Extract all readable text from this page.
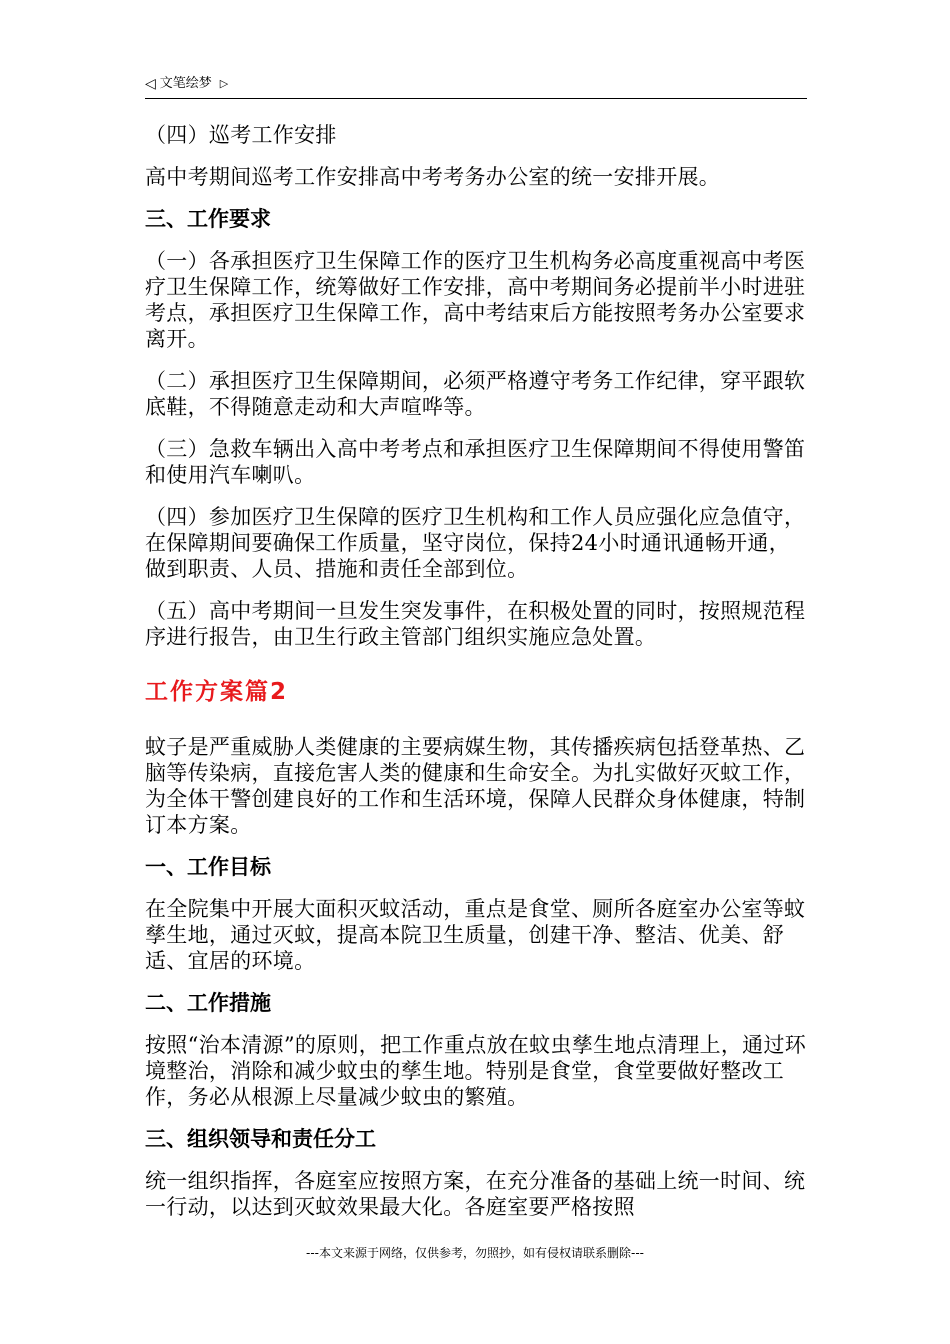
◁ 文笔绘梦 ▷
（四）巡考工作安排
高中考期间巡考工作安排高中考考务办公室的统一安排开展。
三、工作要求
（一）各承担医疗卫生保障工作的医疗卫生机构务必高度重视高中考医疗卫生保障工作，统筹做好工作安排，高中考期间务必提前半小时进驻考点，承担医疗卫生保障工作，高中考结束后方能按照考务办公室要求离开。
（二）承担医疗卫生保障期间，必须严格遵守考务工作纪律，穿平跟软底鞋，不得随意走动和大声喧哗等。
（三）急救车辆出入高中考考点和承担医疗卫生保障期间不得使用警笛和使用汽车喇叭。
（四）参加医疗卫生保障的医疗卫生机构和工作人员应强化应急值守，在保障期间要确保工作质量，坚守岗位，保持24小时通讯通畅开通，做到职责、人员、措施和责任全部到位。
（五）高中考期间一旦发生突发事件，在积极处置的同时，按照规范程序进行报告，由卫生行政主管部门组织实施应急处置。
工作方案篇2
蚊子是严重威胁人类健康的主要病媒生物，其传播疾病包括登革热、乙脑等传染病，直接危害人类的健康和生命安全。为扎实做好灭蚊工作，为全体干警创建良好的工作和生活环境，保障人民群众身体健康，特制订本方案。
一、工作目标
在全院集中开展大面积灭蚊活动，重点是食堂、厕所各庭室办公室等蚊孳生地，通过灭蚊，提高本院卫生质量，创建干净、整洁、优美、舒适、宜居的环境。
二、工作措施
按照“治本清源”的原则，把工作重点放在蚊虫孳生地点清理上，通过环境整治，消除和减少蚊虫的孳生地。特别是食堂，食堂要做好整改工作，务必从根源上尽量减少蚊虫的繁殖。
三、组织领导和责任分工
统一组织指挥，各庭室应按照方案，在充分准备的基础上统一时间、统一行动，以达到灭蚊效果最大化。各庭室要严格按照
---本文来源于网络，仅供参考，勿照抄，如有侵权请联系删除---
